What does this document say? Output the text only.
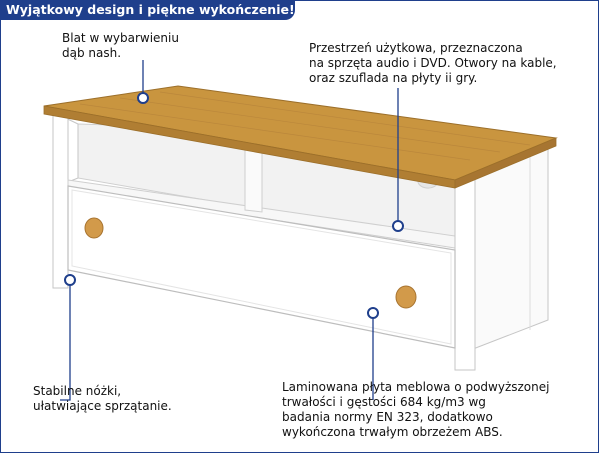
Wyjątkowy design i piękne wykończenie!
Blat w wybarwieniu
dąb nash.	Przestrzeń użytkowa, przeznaczona
na sprzęta audio i DVD. Otwory na kable,
oraz szuflada na płyty ii gry.
Stabilne nóżki,
ułatwiające sprzątanie.
Laminowana płyta meblowa o podwyższonej
trwałości i gęstości 684 kg/m3 wg
badania normy EN 323, dodatkowo
wykończona trwałym obrzeżem ABS.
